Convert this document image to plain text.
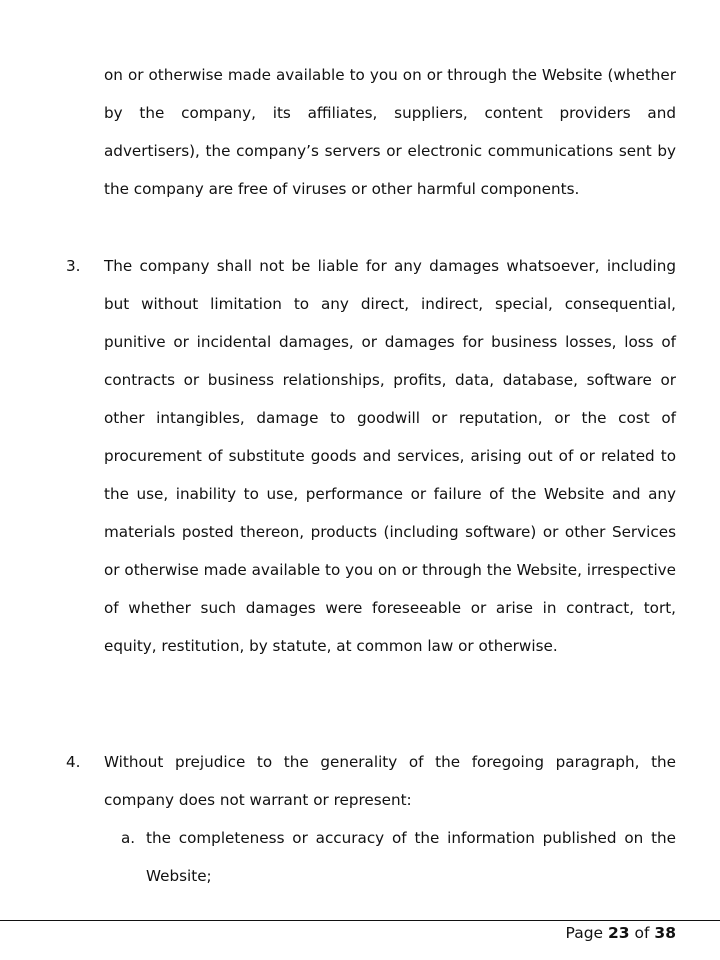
on or otherwise made available to you on or through the Website (whether by the company, its affiliates, suppliers, content providers and advertisers), the company’s servers or electronic communications sent by the company are free of viruses or other harmful components.

3. The company shall not be liable for any damages whatsoever, including but without limitation to any direct, indirect, special, consequential, punitive or incidental damages, or damages for business losses, loss of contracts or business relationships, profits, data, database, software or other intangibles, damage to goodwill or reputation, or the cost of procurement of substitute goods and services, arising out of or related to the use, inability to use, performance or failure of the Website and any materials posted thereon, products (including software) or other Services or otherwise made available to you on or through the Website, irrespective of whether such damages were foreseeable or arise in contract, tort, equity, restitution, by statute, at common law or otherwise.

4. Without prejudice to the generality of the foregoing paragraph, the company does not warrant or represent:

a. the completeness or accuracy of the information published on the Website;

Page 23 of 38
